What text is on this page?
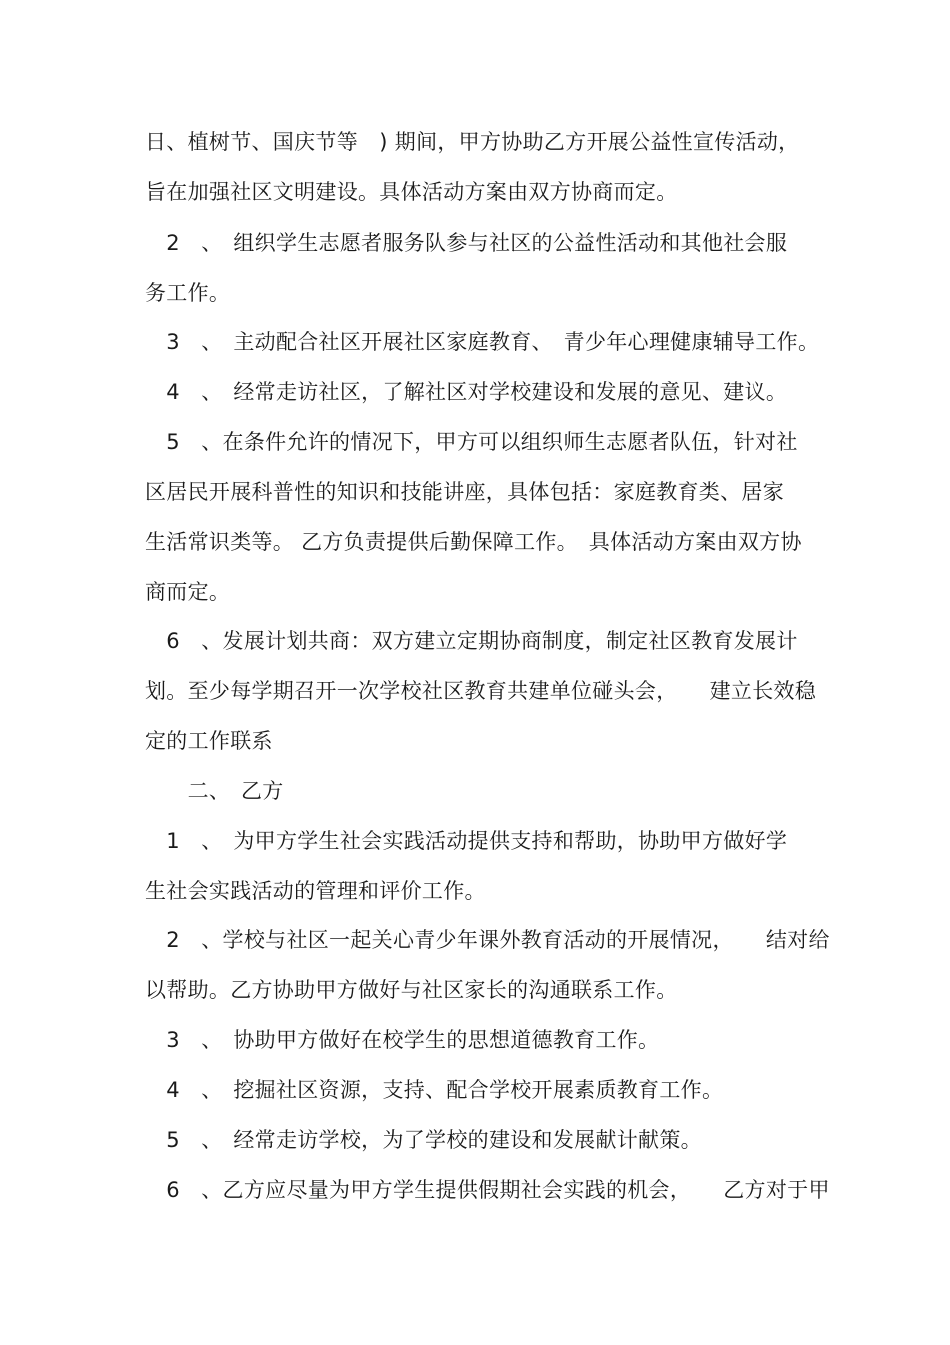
日、植树节、国庆节等　) 期间，甲方协助乙方开展公益性宣传活动，
旨在加强社区文明建设。具体活动方案由双方协商而定。
　2　、　组织学生志愿者服务队参与社区的公益性活动和其他社会服
务工作。
　3　、　主动配合社区开展社区家庭教育、　青少年心理健康辅导工作。
　4　、　经常走访社区，了解社区对学校建设和发展的意见、建议。
　5　、在条件允许的情况下，甲方可以组织师生志愿者队伍，针对社
区居民开展科普性的知识和技能讲座，具体包括：家庭教育类、居家
生活常识类等。 乙方负责提供后勤保障工作。　具体活动方案由双方协
商而定。
　6　、发展计划共商：双方建立定期协商制度，制定社区教育发展计
划。至少每学期召开一次学校社区教育共建单位碰头会，　　建立长效稳
定的工作联系
　　二、　乙方
　1　、　为甲方学生社会实践活动提供支持和帮助，协助甲方做好学
生社会实践活动的管理和评价工作。
　2　、学校与社区一起关心青少年课外教育活动的开展情况，　　结对给
以帮助。乙方协助甲方做好与社区家长的沟通联系工作。
　3　、　协助甲方做好在校学生的思想道德教育工作。
　4　、　挖掘社区资源，支持、配合学校开展素质教育工作。
　5　、　经常走访学校，为了学校的建设和发展献计献策。
　6　、乙方应尽量为甲方学生提供假期社会实践的机会，　　乙方对于甲
